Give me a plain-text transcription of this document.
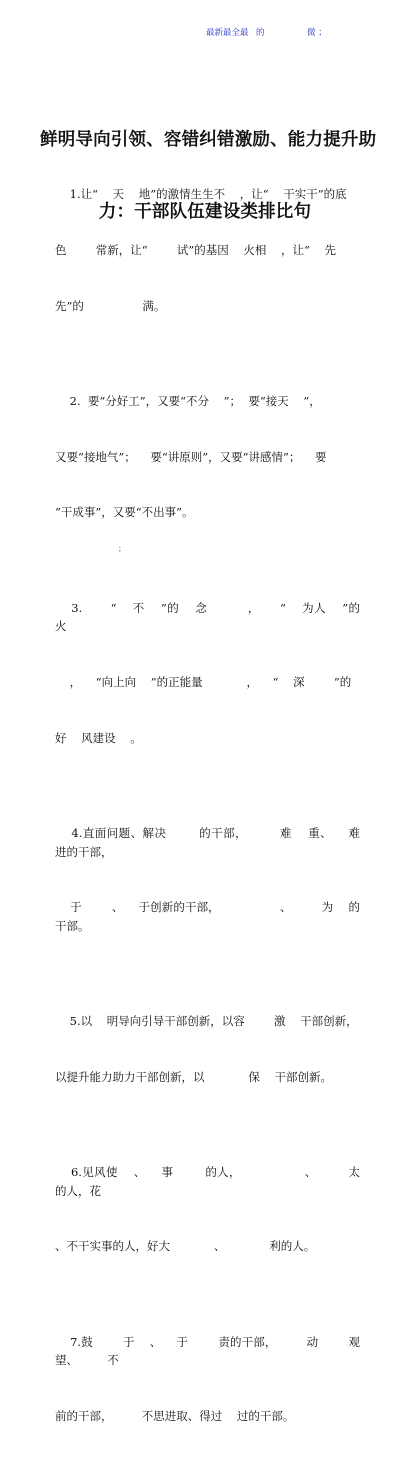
最新最全最 的	微 ；

鲜明导向引领、容错纠错激励、能力提升助

力：干部队伍建设类排比句

1.让“    天    地”的激情生生不    ，让“    干实干”的底

色        常新，让“        试”的基因    火相    ，让“    先

先”的                满。

2.  要“分好工”，又要“不分    ”；  要“接天    ”，

又要“接地气”；    要“讲原则”，又要“讲感情”；    要

“干成事”，又要“不出事”。

3.       “    不    ”的    念          ，     “    为人    ”的    火

，    “向上向    ”的正能量            ，    “    深        ”的

好    风建设    。

4.直面问题、解决        的干部，        难    重、    难    进的干部，

于        、    于创新的干部，                、        为    的干部。

5.以    明导向引导干部创新，以容        激    干部创新，

以提升能力助力干部创新，以            保    干部创新。

6.见风使    、    事        的人，                、        太    的人，花

、不干实事的人，好大            、            利的人。

7.鼓        于    、    于        责的干部，        动        观望、        不

前的干部，        不思进取、得过    过的干部。

；
